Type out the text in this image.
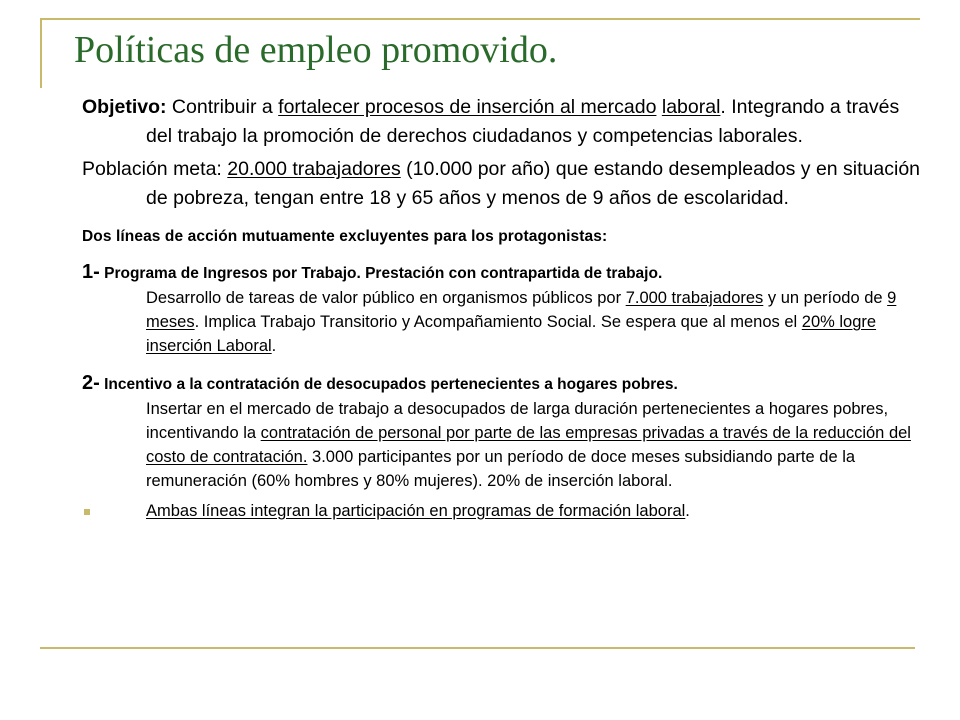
Políticas de empleo promovido.

Objetivo: Contribuir a fortalecer procesos de inserción al mercado laboral. Integrando a través del trabajo la promoción de derechos ciudadanos y competencias laborales.

Población meta: 20.000 trabajadores (10.000 por año) que estando desempleados y en situación de pobreza, tengan entre 18 y 65 años y menos de 9 años de escolaridad.

Dos líneas de acción mutuamente excluyentes para los protagonistas:

1- Programa de Ingresos por Trabajo. Prestación con contrapartida de trabajo.

Desarrollo de tareas de valor público en organismos públicos por 7.000 trabajadores y un período de 9 meses. Implica Trabajo Transitorio y Acompañamiento Social. Se espera que al menos el 20% logre inserción Laboral.

2- Incentivo a la contratación de desocupados pertenecientes a hogares pobres.

Insertar en el mercado de trabajo a desocupados de larga duración pertenecientes a hogares pobres, incentivando la contratación de personal por parte de las empresas privadas a través de la reducción del costo de contratación. 3.000 participantes por un período de doce meses subsidiando parte de la remuneración (60% hombres y 80% mujeres). 20% de inserción laboral.

Ambas líneas integran la participación en programas de formación laboral.
